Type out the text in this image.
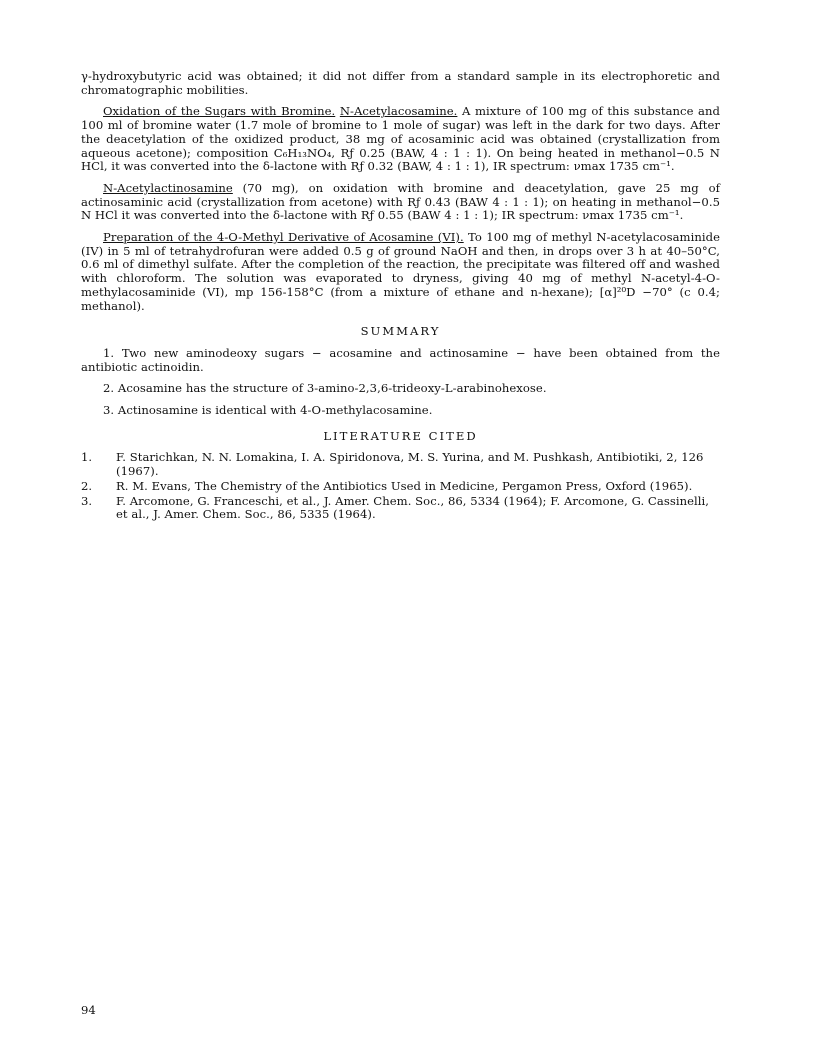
γ-hydroxybutyric acid was obtained; it did not differ from a standard sample in its electrophoretic and chromatographic mobilities.

Oxidation of the Sugars with Bromine. N-Acetylacosamine. A mixture of 100 mg of this substance and 100 ml of bromine water (1.7 mole of bromine to 1 mole of sugar) was left in the dark for two days. After the deacetylation of the oxidized product, 38 mg of acosaminic acid was obtained (crystallization from aqueous acetone); composition C₆H₁₃NO₄, Rƒ 0.25 (BAW, 4 : 1 : 1). On being heated in methanol−0.5 N HCl, it was converted into the δ-lactone with Rƒ 0.32 (BAW, 4 : 1 : 1), IR spectrum: νmax 1735 cm⁻¹.

N-Acetylactinosamine (70 mg), on oxidation with bromine and deacetylation, gave 25 mg of actinosaminic acid (crystallization from acetone) with Rƒ 0.43 (BAW 4 : 1 : 1); on heating in methanol−0.5 N HCl it was converted into the δ-lactone with Rƒ 0.55 (BAW 4 : 1 : 1); IR spectrum: νmax 1735 cm⁻¹.

Preparation of the 4-O-Methyl Derivative of Acosamine (VI). To 100 mg of methyl N-acetylacosaminide (IV) in 5 ml of tetrahydrofuran were added 0.5 g of ground NaOH and then, in drops over 3 h at 40–50°C, 0.6 ml of dimethyl sulfate. After the completion of the reaction, the precipitate was filtered off and washed with chloroform. The solution was evaporated to dryness, giving 40 mg of methyl N-acetyl-4-O-methylacosaminide (VI), mp 156-158°C (from a mixture of ethane and n-hexane); [α]²⁰D −70° (c 0.4; methanol).

SUMMARY

1. Two new aminodeoxy sugars − acosamine and actinosamine − have been obtained from the antibiotic actinoidin.

2. Acosamine has the structure of 3-amino-2,3,6-trideoxy-L-arabinohexose.

3. Actinosamine is identical with 4-O-methylacosamine.

LITERATURE CITED
1.	F. Starichkan, N. N. Lomakina, I. A. Spiridonova, M. S. Yurina, and M. Pushkash, Antibiotiki, 2, 126 (1967).
2.	R. M. Evans, The Chemistry of the Antibiotics Used in Medicine, Pergamon Press, Oxford (1965).
3.	F. Arcomone, G. Franceschi, et al., J. Amer. Chem. Soc., 86, 5334 (1964); F. Arcomone, G. Cassinelli, et al., J. Amer. Chem. Soc., 86, 5335 (1964).
94
